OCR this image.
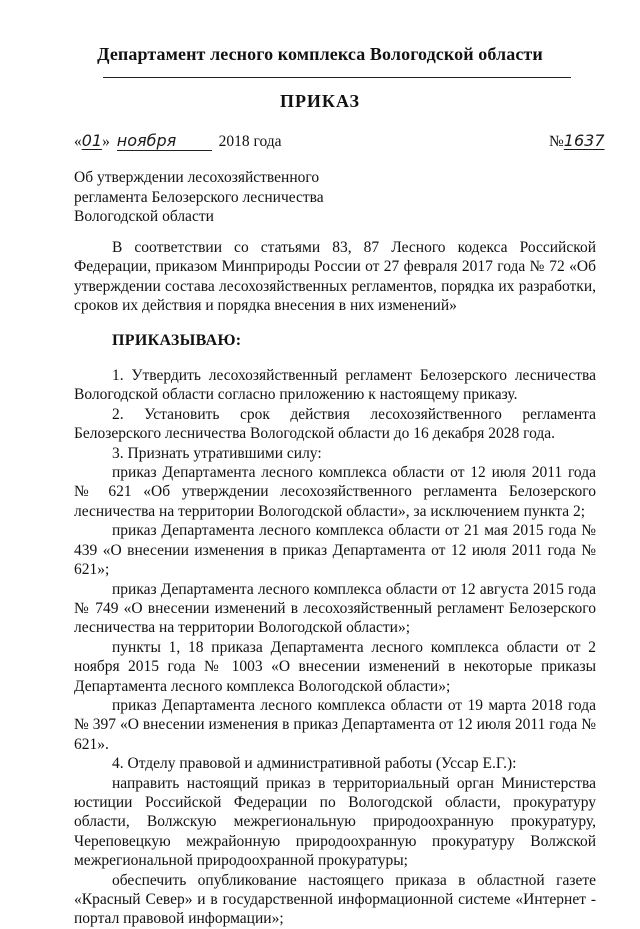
Департамент лесного комплекса Вологодской области
ПРИКАЗ
«01» ноября	2018 года	№1637
Об утверждении лесохозяйственного
регламента Белозерского лесничества
Вологодской области

В соответствии со статьями 83, 87 Лесного кодекса Российской Федерации, приказом Минприроды России от 27 февраля 2017 года № 72 «Об утверждении состава лесохозяйственных регламентов, порядка их разработки, сроков их действия и порядка внесения в них изменений»

ПРИКАЗЫВАЮ:

1. Утвердить лесохозяйственный регламент Белозерского лесничества Вологодской области согласно приложению к настоящему приказу.

2. Установить срок действия лесохозяйственного регламента Белозерского лесничества Вологодской области до 16 декабря 2028 года.

3. Признать утратившими силу:

приказ Департамента лесного комплекса области от 12 июля 2011 года № 621 «Об утверждении лесохозяйственного регламента Белозерского лесничества на территории Вологодской области», за исключением пункта 2;

приказ Департамента лесного комплекса области от 21 мая 2015 года № 439 «О внесении изменения в приказ Департамента от 12 июля 2011 года № 621»;

приказ Департамента лесного комплекса области от 12 августа 2015 года № 749 «О внесении изменений в лесохозяйственный регламент Белозерского лесничества на территории Вологодской области»;

пункты 1, 18 приказа Департамента лесного комплекса области от 2 ноября 2015 года № 1003 «О внесении изменений в некоторые приказы Департамента лесного комплекса Вологодской области»;

приказ Департамента лесного комплекса области от 19 марта 2018 года № 397 «О внесении изменения в приказ Департамента от 12 июля 2011 года № 621».

4. Отделу правовой и административной работы (Уссар Е.Г.):

направить настоящий приказ в территориальный орган Министерства юстиции Российской Федерации по Вологодской области, прокуратуру области, Волжскую межрегиональную природоохранную прокуратуру, Череповецкую межрайонную природоохранную прокуратуру Волжской межрегиональной природоохранной прокуратуры;

обеспечить опубликование настоящего приказа в областной газете «Красный Север» и в государственной информационной системе «Интернет - портал правовой информации»;
